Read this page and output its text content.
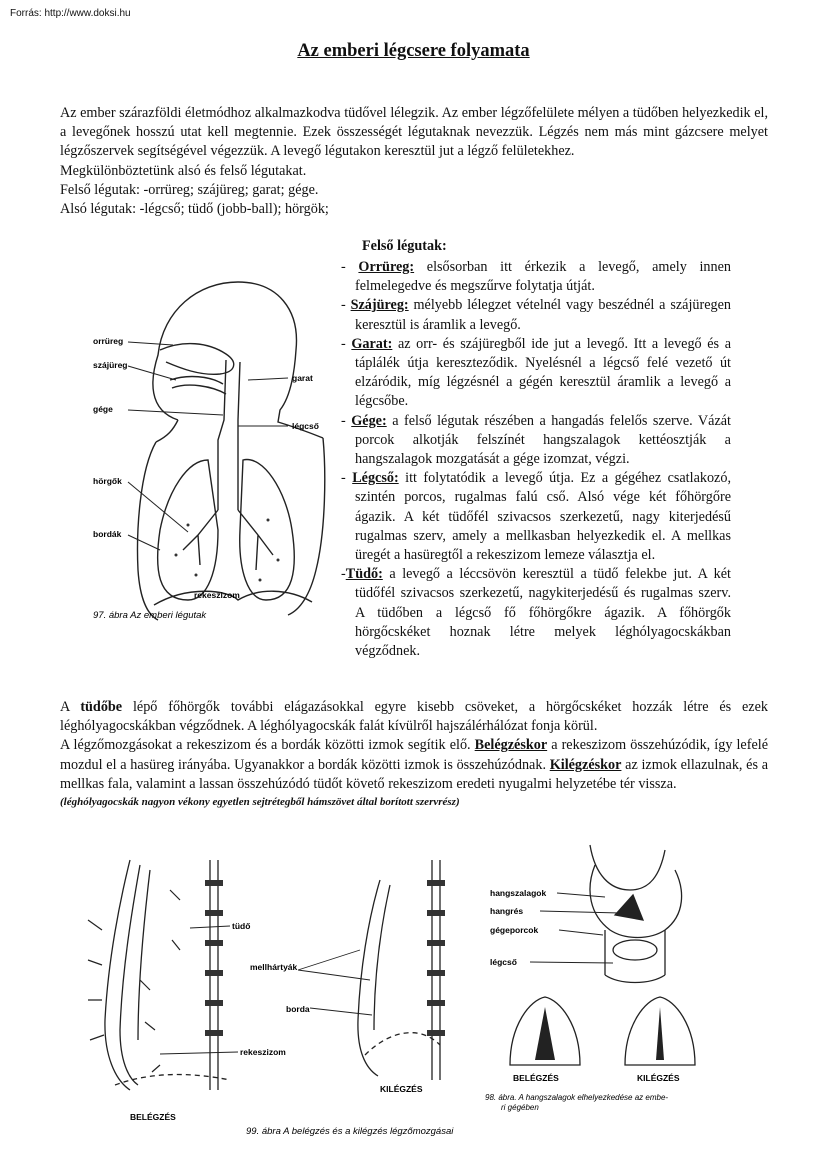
Forrás: http://www.doksi.hu
Az emberi légcsere folyamata

Az ember szárazföldi életmódhoz alkalmazkodva tüdővel lélegzik. Az ember légzőfelülete mélyen a tüdőben helyezkedik el, a levegőnek hosszú utat kell megtennie. Ezek összességét légutaknak nevezzük. Légzés nem más mint gázcsere melyet légzőszervek segítségével végezzük. A levegő légutakon keresztül jut a légző felületekhez.

Megkülönböztetünk alsó és felső légutakat.

Felső légutak: -orrüreg; szájüreg; garat; gége.

Alsó légutak: -légcső; tüdő (jobb-ball); hörgök;

orrüreg
szájüreg
gége
hörgők
bordák
garat
légcső
rekeszizom
97. ábra Az emberi légutak
Felső légutak:

- Orrüreg: elsősorban itt érkezik a levegő, amely innen felmelegedve és megszűrve folytatja útját.

- Szájüreg: mélyebb lélegzet vételnél vagy beszédnél a szájüregen keresztül is áramlik a levegő.

- Garat: az orr- és szájüregből ide jut a levegő. Itt a levegő és a táplálék útja kereszteződik. Nyelésnél a légcső felé vezető út elzáródik, míg légzésnél a gégén keresztül áramlik a levegő a légcsőbe.

- Gége: a felső légutak részében a hangadás felelős szerve. Vázát porcok alkotják felszínét hangszalagok kettéosztják a hangszalagok mozgatását a gége izomzat, végzi.

- Légcső: itt folytatódik a levegő útja. Ez a gégéhez csatlakozó, szintén porcos, rugalmas falú cső. Alsó vége két főhörgőre ágazik. A két tüdőfél szivacsos szerkezetű, nagy kiterjedésű rugalmas szerv, amely a mellkasban helyezkedik el. A mellkas üregét a hasüregtől a rekeszizom lemeze választja el.

-Tüdő: a levegő a léccsövön keresztül a tüdő felekbe jut. A két tüdőfél szivacsos szerkezetű, nagykiterjedésű és rugalmas szerv. A tüdőben a légcső fő főhörgőkre ágazik. A főhörgők hörgőcskéket hoznak létre melyek léghólyagocskákban végződnek.

A tüdőbe lépő főhörgők további elágazásokkal egyre kisebb csöveket, a hörgőcskéket hozzák létre és ezek léghólyagocskákban végződnek. A léghólyagocskák falát kívülről hajszálérhálózat fonja körül.

A légzőmozgásokat a rekeszizom és a bordák közötti izmok segítik elő. Belégzéskor a rekeszizom összehúzódik, így lefelé mozdul el a hasüreg irányába. Ugyanakkor a bordák közötti izmok is összehúzódnak. Kilégzéskor az izmok ellazulnak, és a mellkas fala, valamint a lassan összehúzódó tüdőt követő rekeszizom eredeti nyugalmi helyzetébe tér vissza.

(léghólyagocskák nagyon vékony egyetlen sejtrétegből hámszövet által borított szervrész)

tüdő
mellhártyák
borda
rekeszizom
BELÉGZÉS
KILÉGZÉS
99. ábra A belégzés és a kilégzés légzőmozgásai
hangszalagok
hangrés
gégeporcok
légcső
BELÉGZÉS	KILÉGZÉS
98. ábra. A hangszalagok elhelyezkedése az embe-
ri gégében
